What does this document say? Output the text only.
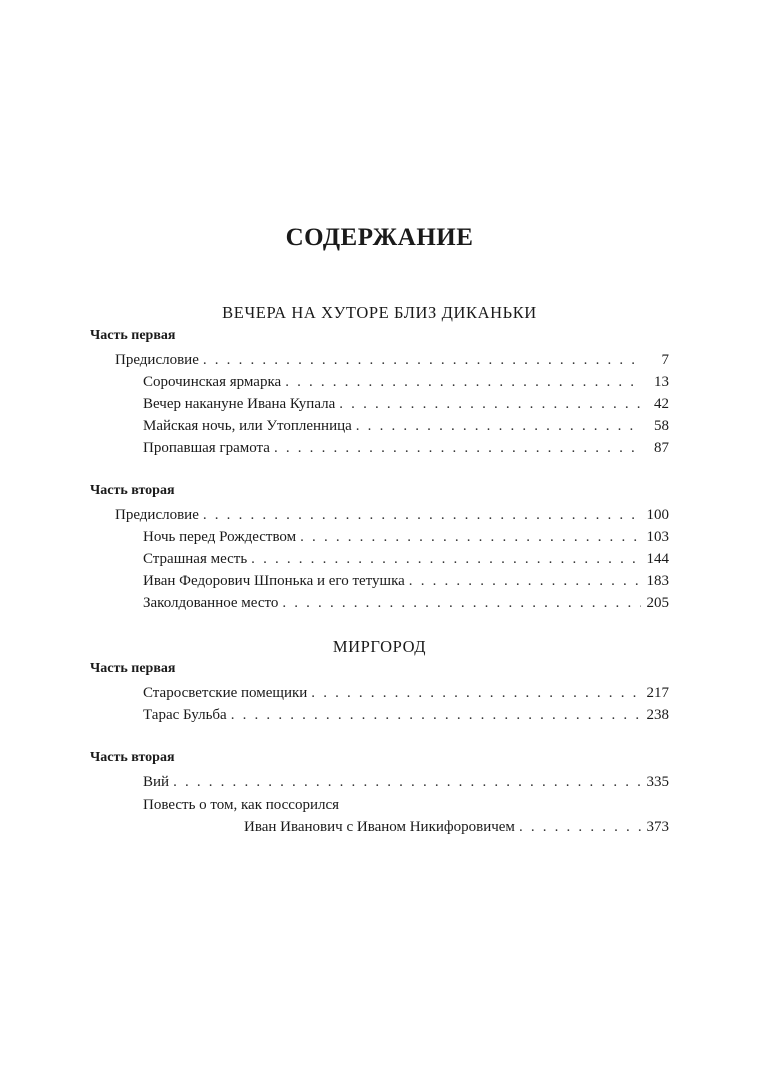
СОДЕРЖАНИЕ
ВЕЧЕРА НА ХУТОРЕ БЛИЗ ДИКАНЬКИ
Часть первая
Предисловие . . .	7
Сорочинская ярмарка . . .	13
Вечер накануне Ивана Купала . . .	42
Майская ночь, или Утопленница . . .	58
Пропавшая грамота . . .	87
Часть вторая
Предисловие . . .	100
Ночь перед Рождеством . . .	103
Страшная месть . . .	144
Иван Федорович Шпонька и его тетушка . . .	183
Заколдованное место . . .	205
МИРГОРОД
Часть первая
Старосветские помещики . . .	217
Тарас Бульба . . .	238
Часть вторая
Вий . . .	335
Повесть о том, как поссорился
Иван Иванович с Иваном Никифоровичем . . .	373
